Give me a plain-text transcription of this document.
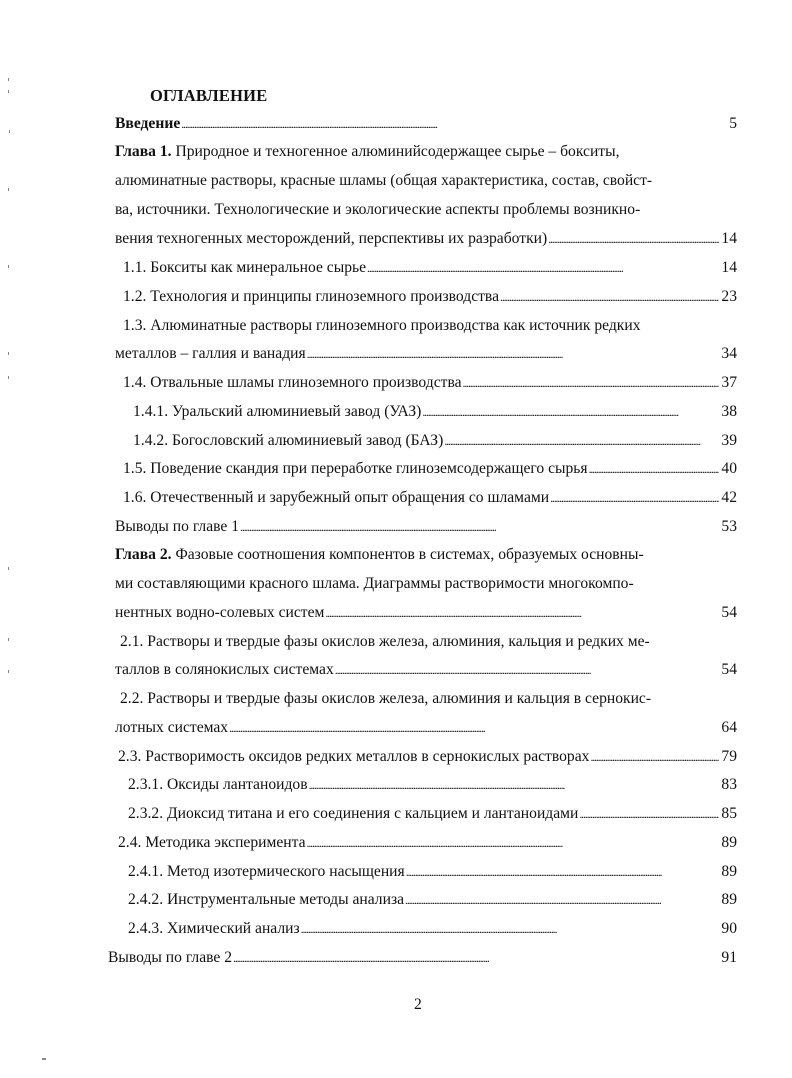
ОГЛАВЛЕНИЕ
Введение . . .	5
Глава 1. Природное и техногенное алюминийсодержащее сырье – бокситы,
алюминатные растворы, красные шламы (общая характеристика, состав, свойст-
ва, источники. Технологические и экологические аспекты проблемы возникно-
вения техногенных месторождений, перспективы их разработки) . . .	14
1.1. Бокситы как минеральное сырье . . .	14
1.2. Технология и принципы глиноземного производства . . .	23
1.3. Алюминатные растворы глиноземного производства как источник редких
металлов – галлия и ванадия . . .	34
1.4. Отвальные шламы глиноземного производства . . .	37
1.4.1. Уральский алюминиевый завод (УАЗ) . . .	38
1.4.2. Богословский алюминиевый завод (БАЗ) . . .	39
1.5. Поведение скандия при переработке глиноземсодержащего сырья . . .	40
1.6. Отечественный и зарубежный опыт обращения со шламами . . .	42
Выводы по главе 1 . . .	53
Глава 2. Фазовые соотношения компонентов в системах, образуемых основны-
ми составляющими красного шлама. Диаграммы растворимости многокомпо-
нентных водно-солевых систем . . .	54
2.1. Растворы и твердые фазы окислов железа, алюминия, кальция и редких ме-
таллов в солянокислых системах . . .	54
2.2. Растворы и твердые фазы окислов железа, алюминия и кальция в сернокис-
лотных системах . . .	64
2.3. Растворимость оксидов редких металлов в сернокислых растворах . . .	79
2.3.1. Оксиды лантаноидов . . .	83
2.3.2. Диоксид титана и его соединения с кальцием и лантаноидами . . .	85
2.4. Методика эксперимента . . .	89
2.4.1. Метод изотермического насыщения . . .	89
2.4.2. Инструментальные методы анализа . . .	89
2.4.3. Химический анализ . . .	90
Выводы по главе 2 . . .	91
2
